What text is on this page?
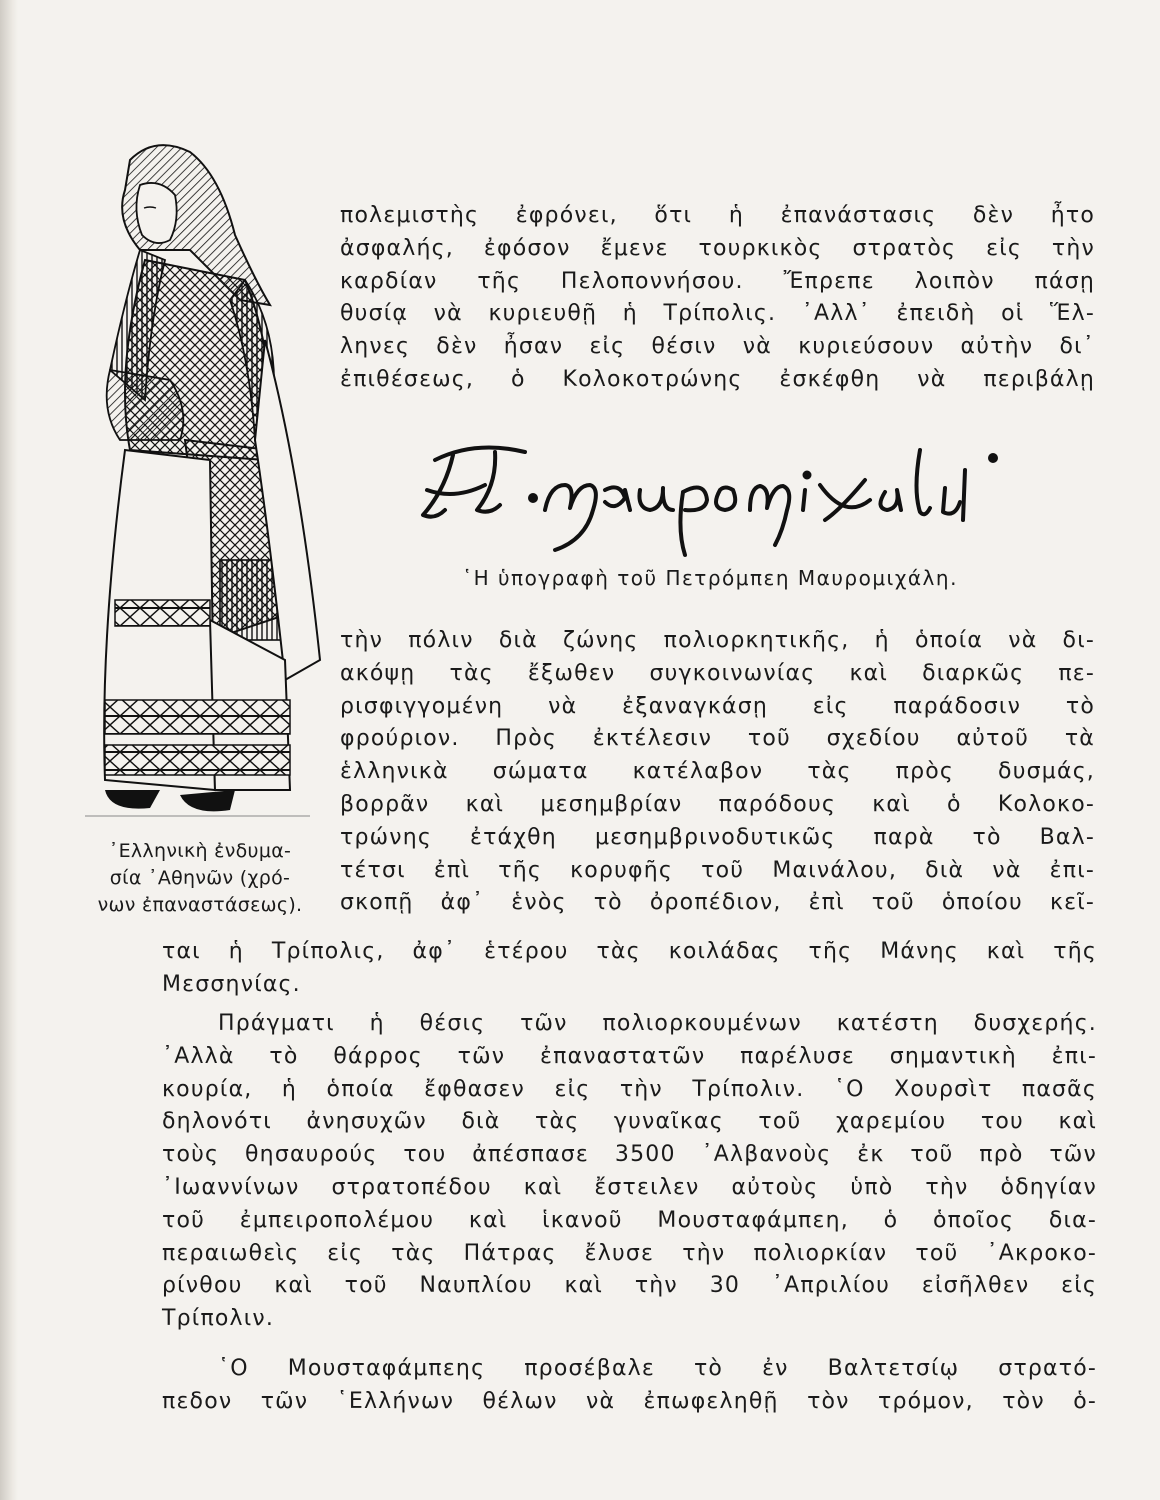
᾿Ελληνικὴ ἐνδυμα-
σία ᾿Αθηνῶν (χρό-
νων ἐπαναστάσεως).
πολεμιστὴς ἐφρόνει, ὅτι ἡ ἐπανάστασις δὲν ἦτο
ἀσφαλής, ἐφόσον ἔμενε τουρκικὸς στρατὸς εἰς τὴν
καρδίαν τῆς Πελοποννήσου. Ἔπρεπε λοιπὸν πάσῃ
θυσίᾳ νὰ κυριευθῇ ἡ Τρίπολις. ᾿Αλλ᾿ ἐπειδὴ οἱ Ἕλ-
ληνες δὲν ἦσαν εἰς θέσιν νὰ κυριεύσουν αὐτὴν δι᾿
ἐπιθέσεως, ὁ Κολοκοτρώνης ἐσκέφθη νὰ περιβάλῃ
῾Η ὑπογραφὴ τοῦ Πετρόμπεη Μαυρομιχάλη.
τὴν πόλιν διὰ ζώνης πολιορκητικῆς, ἡ ὁποία νὰ δι-
ακόψῃ τὰς ἔξωθεν συγκοινωνίας καὶ διαρκῶς πε-
ρισφιγγομένη νὰ ἐξαναγκάσῃ εἰς παράδοσιν τὸ
φρούριον. Πρὸς ἐκτέλεσιν τοῦ σχεδίου αὐτοῦ τὰ
ἑλληνικὰ σώματα κατέλαβον τὰς πρὸς δυσμάς,
βορρᾶν καὶ μεσημβρίαν παρόδους καὶ ὁ Κολοκο-
τρώνης ἐτάχθη μεσημβρινοδυτικῶς παρὰ τὸ Βαλ-
τέτσι ἐπὶ τῆς κορυφῆς τοῦ Μαινάλου, διὰ νὰ ἐπι-
σκοπῇ ἀφ᾿ ἑνὸς τὸ ὀροπέδιον, ἐπὶ τοῦ ὁποίου κεῖ-
ται ἡ Τρίπολις, ἀφ᾿ ἑτέρου τὰς κοιλάδας τῆς Μάνης καὶ τῆς
Μεσσηνίας.
Πράγματι ἡ θέσις τῶν πολιορκουμένων κατέστη δυσχερής.
᾿Αλλὰ τὸ θάρρος τῶν ἐπαναστατῶν παρέλυσε σημαντικὴ ἐπι-
κουρία, ἡ ὁποία ἔφθασεν εἰς τὴν Τρίπολιν. ῾Ο Χουρσὶτ πασᾶς
δηλονότι ἀνησυχῶν διὰ τὰς γυναῖκας τοῦ χαρεμίου του καὶ
τοὺς θησαυρούς του ἀπέσπασε 3500 ᾿Αλβανοὺς ἐκ τοῦ πρὸ τῶν
᾿Ιωαννίνων στρατοπέδου καὶ ἔστειλεν αὐτοὺς ὑπὸ τὴν ὁδηγίαν
τοῦ ἐμπειροπολέμου καὶ ἱκανοῦ Μουσταφάμπεη, ὁ ὁποῖος δια-
περαιωθεὶς εἰς τὰς Πάτρας ἔλυσε τὴν πολιορκίαν τοῦ ᾿Ακροκο-
ρίνθου καὶ τοῦ Ναυπλίου καὶ τὴν 30 ᾿Απριλίου εἰσῆλθεν εἰς
Τρίπολιν.
῾Ο Μουσταφάμπεης προσέβαλε τὸ ἐν Βαλτετσίῳ στρατό-
πεδον τῶν ῾Ελλήνων θέλων νὰ ἐπωφεληθῇ τὸν τρόμον, τὸν ὁ-
